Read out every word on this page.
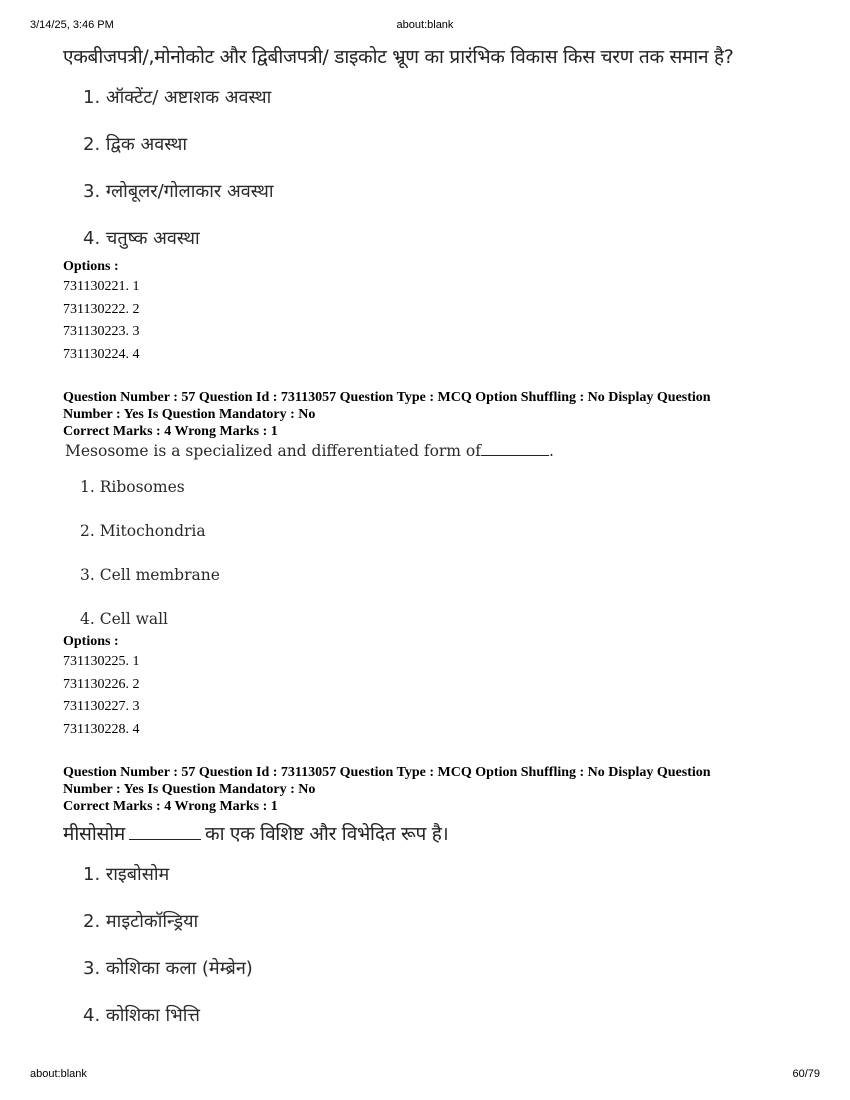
3/14/25, 3:46 PM	about:blank
एकबीजपत्री/,मोनोकोट और द्विबीजपत्री/ डाइकोट भ्रूण का प्रारंभिक विकास किस चरण तक समान है?
1. ऑक्टेंट/ अष्टाशक अवस्था
2. द्विक अवस्था
3. ग्लोबूलर/गोलाकार अवस्था
4. चतुष्क अवस्था
Options :
731130221. 1
731130222. 2
731130223. 3
731130224. 4
Question Number : 57 Question Id : 73113057 Question Type : MCQ Option Shuffling : No Display Question
Number : Yes Is Question Mandatory : No
Correct Marks : 4 Wrong Marks : 1
Mesosome is a specialized and differentiated form of	.
1. Ribosomes
2. Mitochondria
3. Cell membrane
4. Cell wall
Options :
731130225. 1
731130226. 2
731130227. 3
731130228. 4
Question Number : 57 Question Id : 73113057 Question Type : MCQ Option Shuffling : No Display Question
Number : Yes Is Question Mandatory : No
Correct Marks : 4 Wrong Marks : 1
मीसोसोम	का एक विशिष्ट और विभेदित रूप है।
1. राइबोसोम
2. माइटोकॉन्ड्रिया
3. कोशिका कला (मेम्ब्रेन)
4. कोशिका भित्ति
about:blank	60/79
